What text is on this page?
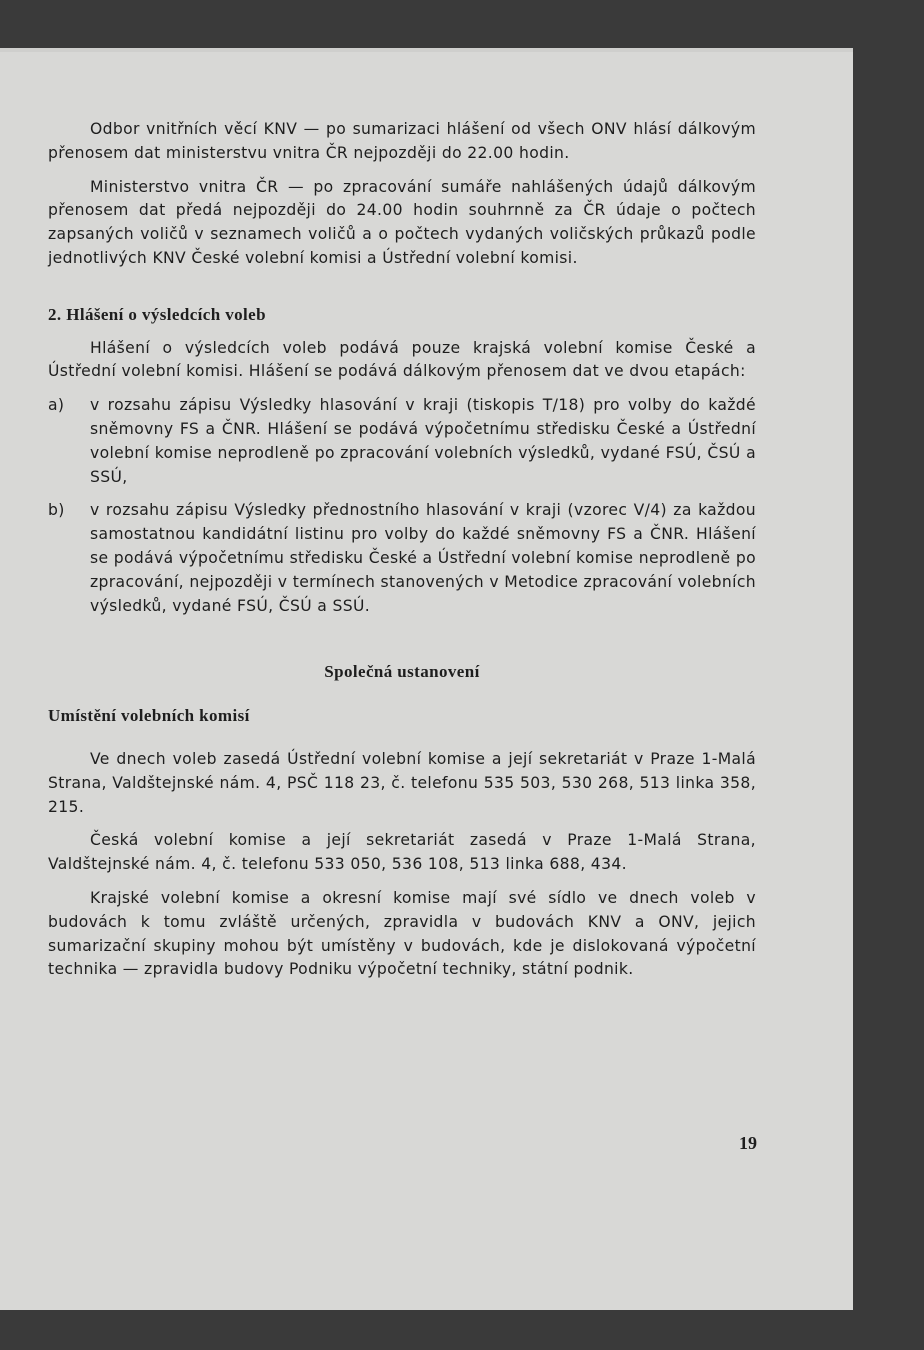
Odbor vnitřních věcí KNV — po sumarizaci hlášení od všech ONV hlásí dálkovým přenosem dat ministerstvu vnitra ČR nejpozději do 22.00 hodin.

Ministerstvo vnitra ČR — po zpracování sumáře nahlášených údajů dálkovým přenosem dat předá nejpozději do 24.00 hodin souhrnně za ČR údaje o počtech zapsaných voličů v seznamech voličů a o počtech vydaných voličských průkazů podle jednotlivých KNV České volební komisi a Ústřední volební komisi.

2. Hlášení o výsledcích voleb

Hlášení o výsledcích voleb podává pouze krajská volební komise České a Ústřední volební komisi. Hlášení se podává dálkovým přenosem dat ve dvou etapách:

a)	v rozsahu zápisu Výsledky hlasování v kraji (tiskopis T/18) pro volby do každé sněmovny FS a ČNR. Hlášení se podává výpočetnímu středisku České a Ústřední volební komise neprodleně po zpracování volebních výsledků, vydané FSÚ, ČSÚ a SSÚ,
b)	v rozsahu zápisu Výsledky přednostního hlasování v kraji (vzorec V/4) za každou samostatnou kandidátní listinu pro volby do každé sněmovny FS a ČNR. Hlášení se podává výpočetnímu středisku České a Ústřední volební komise neprodleně po zpracování, nejpozději v termínech stanovených v Metodice zpracování volebních výsledků, vydané FSÚ, ČSÚ a SSÚ.

Společná ustanovení

Umístění volebních komisí

Ve dnech voleb zasedá Ústřední volební komise a její sekretariát v Praze 1-Malá Strana, Valdštejnské nám. 4, PSČ 118 23, č. telefonu 535 503, 530 268, 513 linka 358, 215.

Česká volební komise a její sekretariát zasedá v Praze 1-Malá Strana, Valdštejnské nám. 4, č. telefonu 533 050, 536 108, 513 linka 688, 434.

Krajské volební komise a okresní komise mají své sídlo ve dnech voleb v budovách k tomu zvláště určených, zpravidla v budovách KNV a ONV, jejich sumarizační skupiny mohou být umístěny v budovách, kde je dislokovaná výpočetní technika — zpravidla budovy Podniku výpočetní techniky, státní podnik.

19
